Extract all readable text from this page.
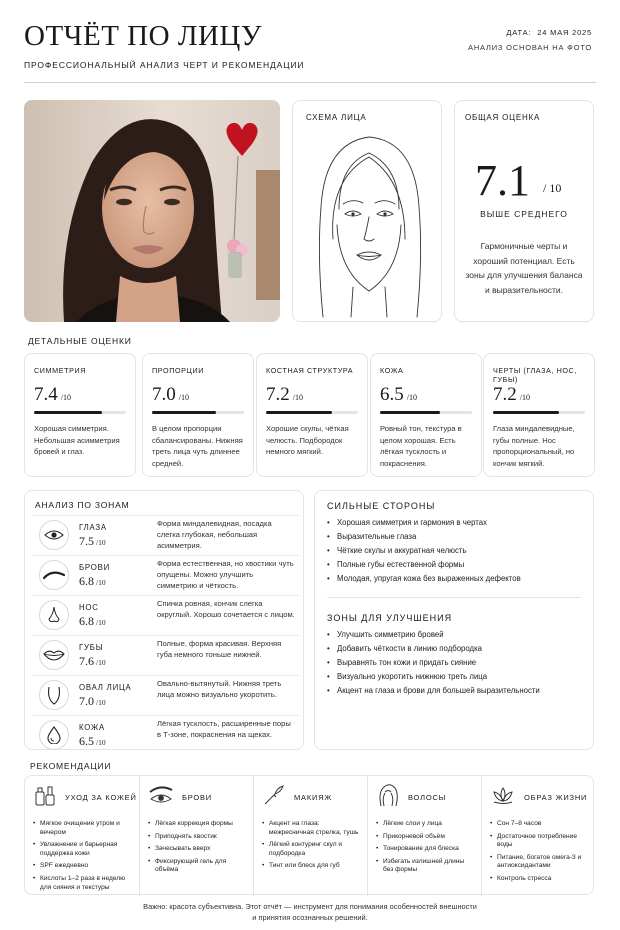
ОТЧЁТ ПО ЛИЦУ
ПРОФЕССИОНАЛЬНЫЙ АНАЛИЗ ЧЕРТ И РЕКОМЕНДАЦИИ
ДАТА: 24 МАЯ 2025
АНАЛИЗ ОСНОВАН НА ФОТО
СХЕМА ЛИЦА	ОБЩАЯ ОЦЕНКА
7.1 / 10
ВЫШЕ СРЕДНЕГО
Гармоничные черты и хороший потенциал. Есть зоны для улучшения баланса и выразительности.
ДЕТАЛЬНЫЕ ОЦЕНКИ
СИММЕТРИЯ
7.4 /10
Хорошая симметрия. Небольшая асимметрия бровей и глаз.
ПРОПОРЦИИ
7.0 /10
В целом пропорции сбалансированы. Нижняя треть лица чуть длиннее средней.
КОСТНАЯ СТРУКТУРА
7.2 /10
Хорошие скулы, чёткая челюсть. Подбородок немного мягкий.
КОЖА
6.5 /10
Ровный тон, текстура в целом хорошая. Есть лёгкая тусклость и покраснения.
ЧЕРТЫ (ГЛАЗА, НОС, ГУБЫ)
7.2 /10
Глаза миндалевидные, губы полные. Нос пропорциональный, но кончик мягкий.
АНАЛИЗ ПО ЗОНАМ
ГЛАЗА
7.5 /10
Форма миндалевидная, посадка слегка глубокая, небольшая асимметрия.
БРОВИ
6.8 /10
Форма естественная, но хвостики чуть опущены. Можно улучшить симметрию и чёткость.
НОС
6.8 /10
Спинка ровная, кончик слегка округлый. Хорошо сочетается с лицом.
ГУБЫ
7.6 /10
Полные, форма красивая. Верхняя губа немного тоньше нижней.
ОВАЛ ЛИЦА
7.0 /10
Овально-вытянутый. Нижняя треть лица можно визуально укоротить.
КОЖА
6.5 /10
Лёгкая тусклость, расширенные поры в Т-зоне, покраснения на щеках.
СИЛЬНЫЕ СТОРОНЫ
• Хорошая симметрия и гармония в чертах
• Выразительные глаза
• Чёткие скулы и аккуратная челюсть
• Полные губы естественной формы
• Молодая, упругая кожа без выраженных дефектов
ЗОНЫ ДЛЯ УЛУЧШЕНИЯ
• Улучшить симметрию бровей
• Добавить чёткости в линию подбородка
• Выравнять тон кожи и придать сияние
• Визуально укоротить нижнюю треть лица
• Акцент на глаза и брови для большей выразительности
РЕКОМЕНДАЦИИ
УХОД ЗА КОЖЕЙ
• Мягкое очищение утром и вечером
• Увлажнение и барьерная поддержка кожи
• SPF ежедневно
• Кислоты 1–2 раза в неделю для сияния и текстуры
БРОВИ
• Лёгкая коррекция формы
• Приподнять хвостик
• Зачесывать вверх
• Фиксирующий гель для объёма
МАКИЯЖ
• Акцент на глаза: межресничная стрелка, тушь
• Лёгкий контуринг скул и подбородка
• Тинт или блеск для губ
ВОЛОСЫ
• Лёгкие слои у лица
• Прикорневой объём
• Тонирование для блеска
• Избегать излишней длины без формы
ОБРАЗ ЖИЗНИ
• Сон 7–8 часов
• Достаточное потребление воды
• Питание, богатое омега-3 и антиоксидантами
• Контроль стресса
Важно: красота субъективна. Этот отчёт — инструмент для понимания особенностей внешности
и принятия осознанных решений.
